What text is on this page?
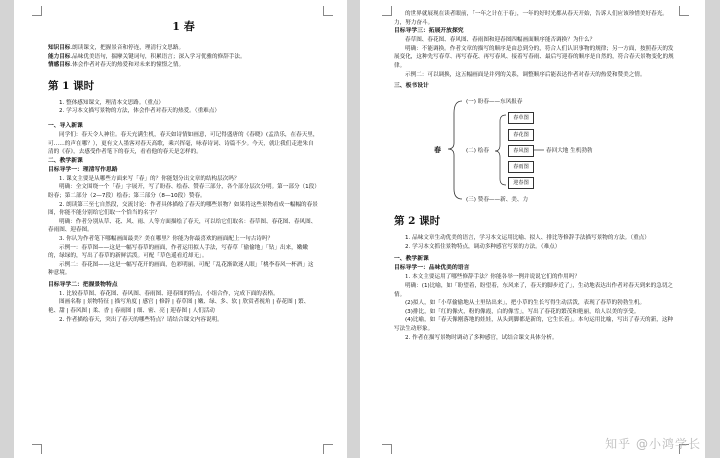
1 春

知识目标.朗读课文，把握景音和停连，理清行文思路。

能力目标.品味优美语句，揣摩关键词句，积累语言；深入学习优雅的修辞手法。

情感目标.体会作者对春天的热爱和对未来的憧憬之情。

第 1 课时

1. 整体感知课文，理清本文思路。（重点）

2. 学习本文描写景物的方法，体会作者对春天的热爱。（重难点）

一、导入新课

同学们：春天令人神往。春天充满生机，春天如诗情如画意，可记得盛唐的《春晓》(孟浩乐，在春天里，可……的声在哪？），更有文人墨客对春天高歌，乘兴挥毫，咏春诗词、诗篇不少。今天，就让我们走进朱自清的《春》，去感受作者笔下的春天，看看他的春天是怎样的。

二、教学新课

目标导学一：理清写作思路

1. 课文主要是从哪些方面来写「春」的？你能划分出文章的结构层次吗？

明确：全文围绕一个「春」字展开，写了盼春、绘春、赞春三部分，各个部分层次分明。第一部分（1段）盼春；第二部分（2—7段）绘春；第三部分（8—10段）赞春。

2. 朗读第三至七自然段，交流讨论：作者具体描绘了春天的哪些景物？如果将这些景物看成一幅幅的春景图，你能不能分别给它们取一个恰当的名字？

明确：作者分别从草、花、风、雨、人等方面描绘了春天，可以给它们取名：春草图、春花图、春风图、春雨图、迎春图。

3. 你认为作者笔下哪幅画面最美？美在哪里？你能为你最喜欢的画面配上一句古诗吗？

示例一：春草图——这是一幅写春草的画面，作者运用拟人手法，写春草「偷偷地」「钻」出来，嫩嫩的，绿绿的，写出了春草的新鲜活泼。可配「草色遥看近却无」。

示例二：春花图——这是一幅写花开的画面，色彩明丽，可配「乱花渐欲迷人眼」「桃李春风一杯酒」这种意境。

目标导学二：把握景物特点

1. 比较春草图、春花图、春风图、春雨图、迎春图的特点，小组合作，完成下面的表格。

图画名称 | 景物特征 | 描写角度 | 感官 | 修辞 | 春草图 | 嫩、绿、多、软 | 欣赏者视角 | 春花图 | 繁、艳、甜 | 春风图 | 柔、香 | 春雨图 | 细、密、亮 | 迎春图 | 人们活动

2. 作者描绘春天，突出了春天的哪些特点？请结合课文内容说明。

的世界就展现在读者眼前，「一年之计在于春」，一年的好时光都从春天开始，告诉人们应该珍惜美好春光。

力，努力奋斗。

目标导学三：拓展开放探究

春草图、春花图、春风图、春雨图和迎春图四幅画面顺序能否调换？为什么？

明确：不能调换。作者文章的描写的顺序是由总到分的，符合人们认识事物的规律；另一方面，按照春天的发展变化，这种先写春草、再写春花、再写春风、接着写春雨、最后写迎春的顺序是自然的，符合春天景物变化的规律。

示例二：可以调换，这五幅画面是并列的关系，调整顺序后能表达作者对春天的热爱和赞美之情。

三、板书设计

春
(一) 盼春——东风报春
(二) 绘春
春草图
春花图
春风图
春雨图
迎春图
春回大地 生机勃勃
(三) 赞春——新、美、力

第 2 课时

1. 品味文章生动优美的语言，学习本文运用比喻、拟人、排比等修辞手法描写景物的方法。（重点）

2. 学习本文抓住景物特点，调动多种感官写景的方法。（难点）

一、教学新课

目标导学一：品味优美的语言

1. 本文主要运用了哪些修辞手法？你能各举一例并说说它们的作用吗？

明确：(1)比喻，如「盼望着，盼望着，东风来了，春天的脚步近了」，生动地表达出作者对春天到来的急切之情。

(2)拟人，如「小草偷偷地从土里钻出来」，把小草的生长写得生动活泼，表现了春草的勃勃生机。

(3)排比，如「红的像火，粉的像霞，白的像雪」，写出了春花的繁茂和艳丽，给人以美的享受。

(4)比喻，如「春天像刚落地的娃娃，从头到脚都是新的，它生长着」。本句运用比喻，写出了春天的新，这种写法生动形象。

2. 作者在描写景物时调动了多种感官，试结合课文具体分析。

知乎 @小鸿学长
